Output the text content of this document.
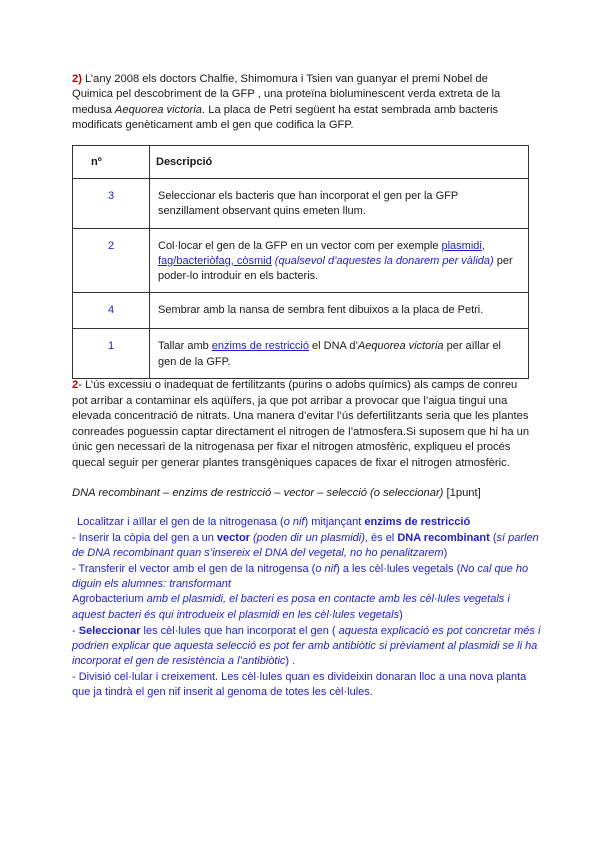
2) L’any 2008 els doctors Chalfie, Shimomura i Tsien van guanyar el premi Nobel de Quimica pel descobriment de la GFP , una proteïna bioluminescent verda extreta de la medusa Aequorea victoria. La placa de Petri següent ha estat sembrada amb bacteris modificats genèticament amb el gen que codifica la GFP.
nº	Descripció
3	Seleccionar els bacteris que han incorporat el gen per la GFP senzillament observant quins emeten llum.
2	Col·locar el gen de la GFP en un vector com per exemple plasmidi, fag/bacteriòfag, còsmid (qualsevol d’aquestes la donarem per vàlida) per poder-lo introduir en els bacteris.
4	Sembrar amb la nansa de sembra fent dibuixos a la placa de Petri.
1	Tallar amb enzims de restricció el DNA d’Aequorea victoria per aïllar el gen de la GFP.
2- L’ús excessiu o inadequat de fertilitzants (purins o adobs químics) als camps de conreu pot arribar a contaminar els aqüífers, ja que pot arribar a provocar que l’aigua tingui una elevada concentració de nitrats. Una manera d’evitar l’ús defertilitzants seria que les plantes conreades poguessin captar directament el nitrogen de l’atmosfera.Si suposem que hi ha un únic gen necessari de la nitrogenasa per fixar el nitrogen atmosfèric, expliqueu el procés quecal seguir per generar plantes transgèniques capaces de fixar el nitrogen atmosfèric.
DNA recombinant – enzims de restricció – vector – selecció (o seleccionar) [1punt]
Localitzar i aïllar el gen de la nitrogenasa (o nif) mitjançant enzims de restricció
- Inserir la còpia del gen a un vector (poden dir un plasmidi), és el DNA recombinant (sí parlen de DNA recombinant quan s’insereix el DNA del vegetal, no ho penalitzarem)
- Transferir el vector amb el gen de la nitrogensa (o nif) a les cèl·lules vegetals (No cal que ho diguin els alumnes: transformant
Agrobacterium amb el plasmidi, el bacteri es posa en contacte amb les cèl·lules vegetals i aquest bacteri és qui introdueix el plasmidi en les cèl·lules vegetals)
- Seleccionar les cèl·lules que han incorporat el gen ( aquesta explicació es pot concretar més i podrien explicar que aquesta selecció es pot fer amb antibiòtic si prèviament al plasmidi se li ha incorporat el gen de resistència a l’antibiòtic) .
- Divisió cel·lular i creixement. Les cèl·lules quan es divideixin donaran lloc a una nova planta que ja tindrà el gen nif inserit al genoma de totes les cèl·lules.
